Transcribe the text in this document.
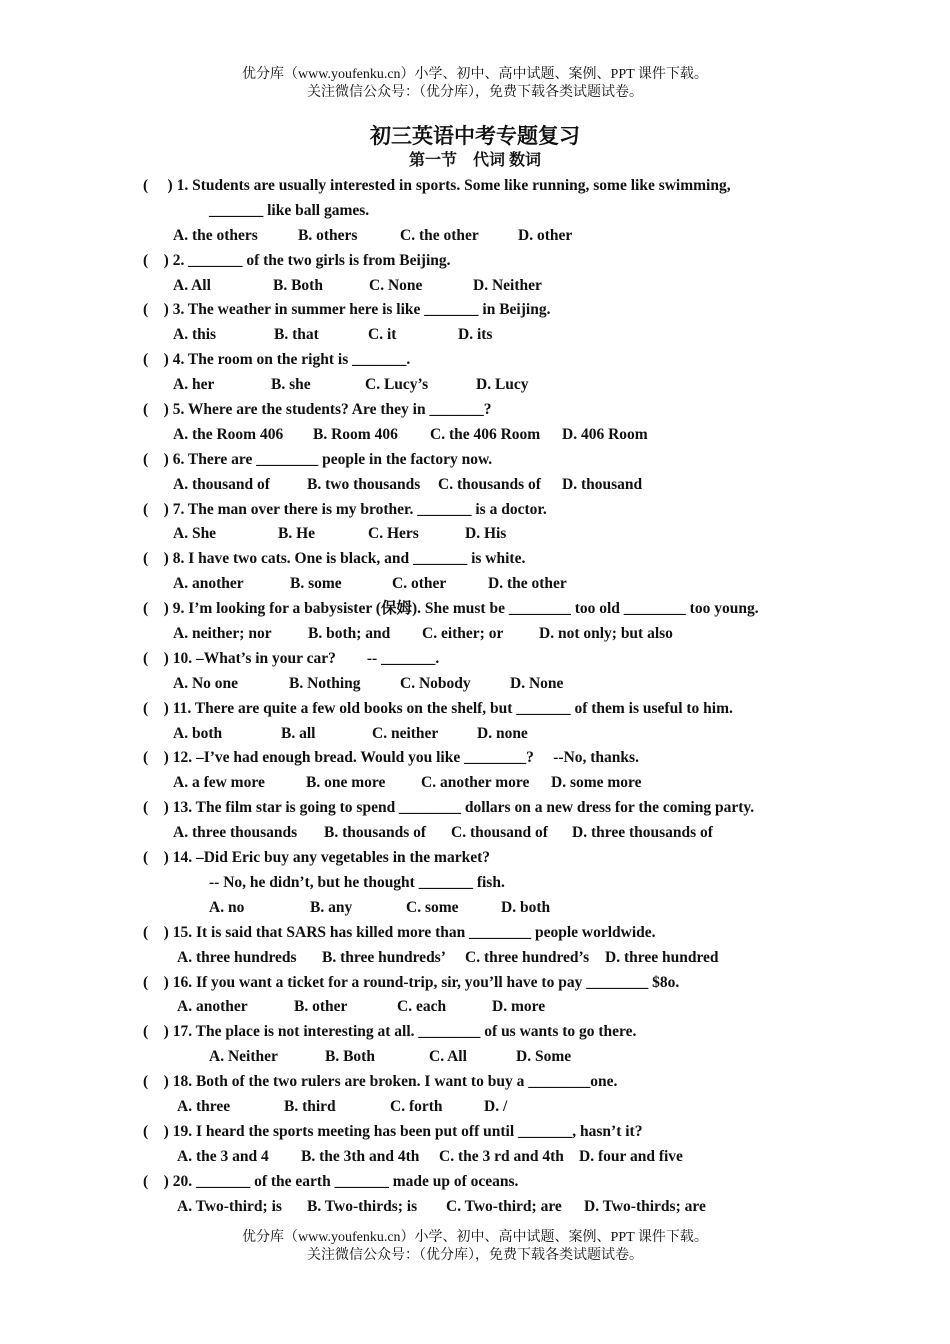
优分库（www.youfenku.cn）小学、初中、高中试题、案例、PPT 课件下载。
关注微信公众号：（优分库），免费下载各类试题试卷。
初三英语中考专题复习
第一节　代词 数词
(　 ) 1. Students are usually interested in sports. Some like running, some like swimming,
_______ like ball games.
A. the others	B. others	C. the other	D. other
(　) 2. _______ of the two girls is from Beijing.
A. All	B. Both	C. None	D. Neither
(　) 3. The weather in summer here is like _______ in Beijing.
A. this	B. that	C. it	D. its
(　) 4. The room on the right is _______.
A. her	B. she	C. Lucy’s	D. Lucy
(　) 5. Where are the students? Are they in _______?
A. the Room 406	B. Room 406	C. the 406 Room	D. 406 Room
(　) 6. There are ________ people in the factory now.
A. thousand of	B. two thousands	C. thousands of	D. thousand
(　) 7. The man over there is my brother. _______ is a doctor.
A. She	B. He	C. Hers	D. His
(　) 8. I have two cats. One is black, and _______ is white.
A. another	B. some	C. other	D. the other
(　) 9. I’m looking for a babysister (保姆). She must be ________ too old ________ too young.
A. neither; nor	B. both; and	C. either; or	D. not only; but also
(　) 10. –What’s in your car?　　-- _______.
A. No one	B. Nothing	C. Nobody	D. None
(　) 11. There are quite a few old books on the shelf, but _______ of them is useful to him.
A. both	B. all	C. neither	D. none
(　) 12. –I’ve had enough bread. Would you like ________?　 --No, thanks.
A. a few more	B. one more	C. another more	D. some more
(　) 13. The film star is going to spend ________ dollars on a new dress for the coming party.
A. three thousands	B. thousands of	C. thousand of	D. three thousands of
(　) 14. –Did Eric buy any vegetables in the market?
-- No, he didn’t, but he thought _______ fish.
A. no	B. any	C. some	D. both
(　) 15. It is said that SARS has killed more than ________ people worldwide.
A. three hundreds	B. three hundreds’	C. three hundred’s	D. three hundred
(　) 16. If you want a ticket for a round-trip, sir, you’ll have to pay ________ $8o.
A. another	B. other	C. each	D. more
(　) 17. The place is not interesting at all. ________ of us wants to go there.
A. Neither	B. Both	C. All	D. Some
(　) 18. Both of the two rulers are broken. I want to buy a ________one.
A. three	B. third	C. forth	D. /
(　) 19. I heard the sports meeting has been put off until _______, hasn’t it?
A. the 3 and 4	B. the 3th and 4th	C. the 3 rd and 4th D. four and five
(　) 20. _______ of the earth _______ made up of oceans.
A. Two-third; is	B. Two-thirds; is	C. Two-third; are	D. Two-thirds; are
优分库（www.youfenku.cn）小学、初中、高中试题、案例、PPT 课件下载。
关注微信公众号：（优分库），免费下载各类试题试卷。
